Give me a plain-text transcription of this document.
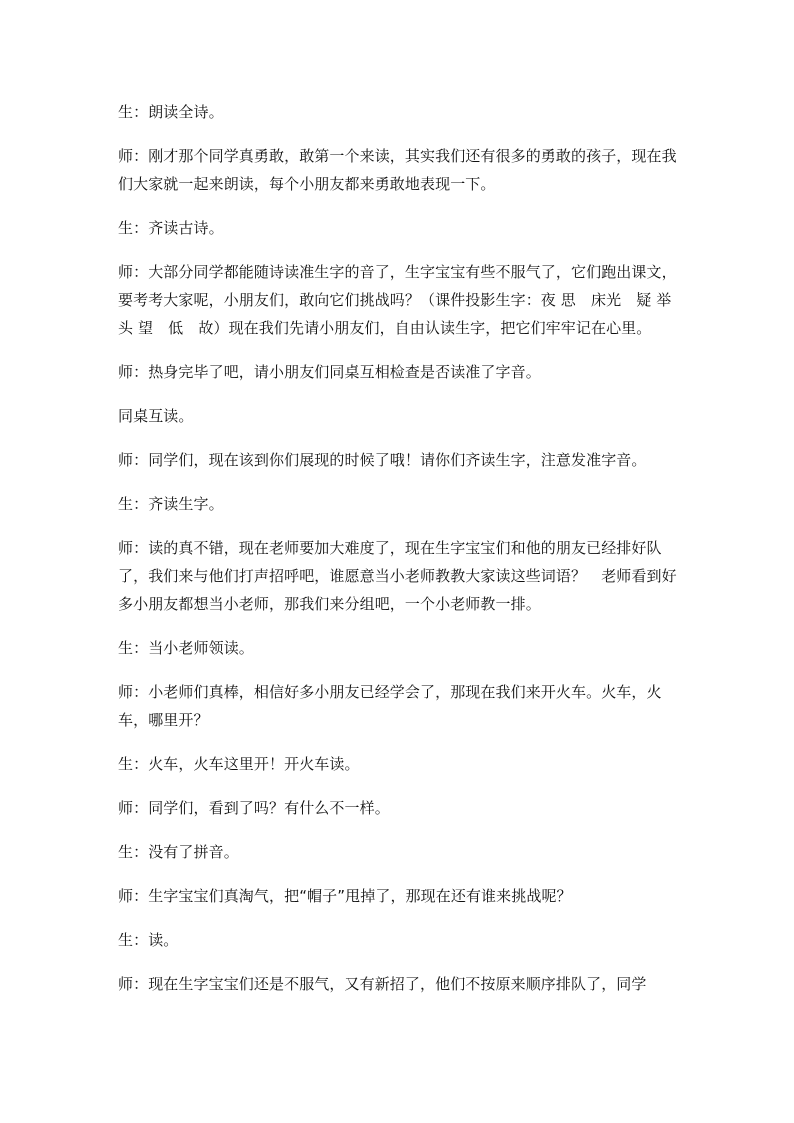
生：朗读全诗。

师：刚才那个同学真勇敢，敢第一个来读，其实我们还有很多的勇敢的孩子，现在我们大家就一起来朗读，每个小朋友都来勇敢地表现一下。

生：齐读古诗。

师：大部分同学都能随诗读准生字的音了，生字宝宝有些不服气了，它们跑出课文，要考考大家呢，小朋友们，敢向它们挑战吗？（课件投影生字：夜 思　床光　疑 举 头 望　低　故）现在我们先请小朋友们，自由认读生字，把它们牢牢记在心里。

师：热身完毕了吧，请小朋友们同桌互相检查是否读准了字音。

同桌互读。

师：同学们，现在该到你们展现的时候了哦！请你们齐读生字，注意发准字音。

生：齐读生字。

师：读的真不错，现在老师要加大难度了，现在生字宝宝们和他的朋友已经排好队了，我们来与他们打声招呼吧，谁愿意当小老师教教大家读这些词语？　老师看到好多小朋友都想当小老师，那我们来分组吧，一个小老师教一排。

生：当小老师领读。

师：小老师们真棒，相信好多小朋友已经学会了，那现在我们来开火车。火车，火车，哪里开？

生：火车，火车这里开！开火车读。

师：同学们，看到了吗？有什么不一样。

生：没有了拼音。

师：生字宝宝们真淘气，把“帽子”甩掉了，那现在还有谁来挑战呢？

生：读。

师：现在生字宝宝们还是不服气，又有新招了，他们不按原来顺序排队了，同学
